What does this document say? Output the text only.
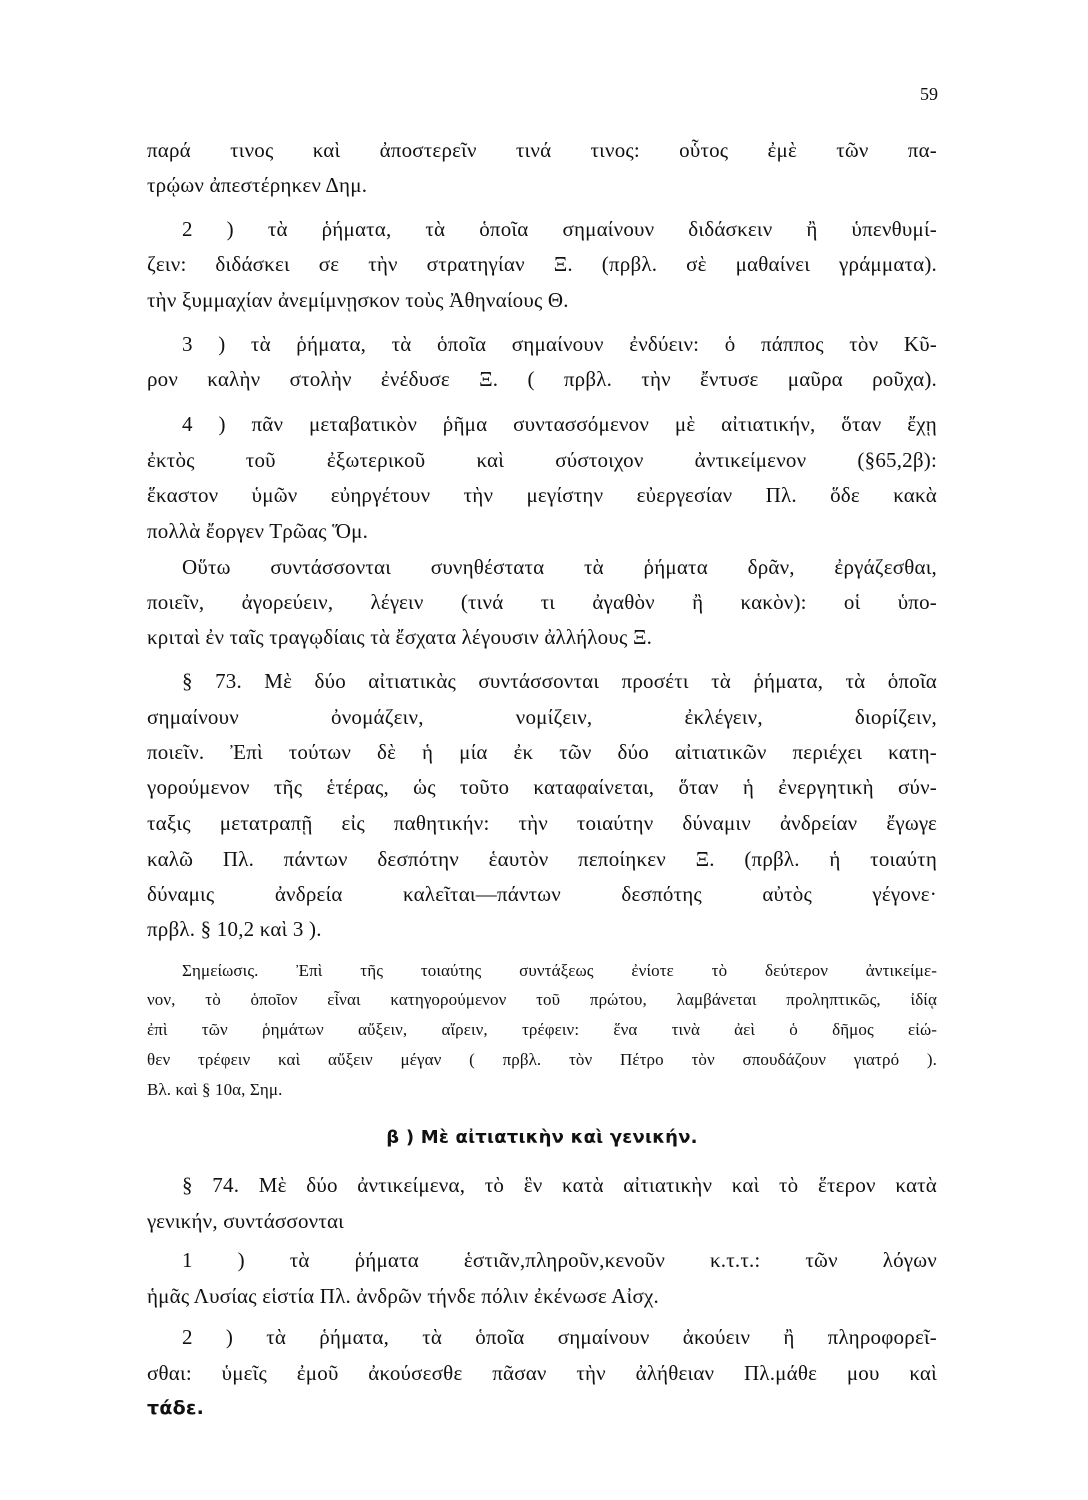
59
παρά τινος καὶ ἀποστερεῖν τινά τινος: οὗτος ἐμὲ τῶν πα-
τρῴων ἀπεστέρηκεν Δημ.
2 ) τὰ ῥήματα, τὰ ὁποῖα σημαίνουν διδάσκειν ἢ ὑπενθυμί-
ζειν: διδάσκει σε τὴν στρατηγίαν Ξ. (πρβλ. σὲ μαθαίνει γράμματα).
τὴν ξυμμαχίαν ἀνεμίμνῃσκον τοὺς Ἀθηναίους Θ.
3 ) τὰ ῥήματα, τὰ ὁποῖα σημαίνουν ἐνδύειν: ὁ πάππος τὸν Κῦ-
ρον καλὴν στολὴν ἐνέδυσε Ξ. ( πρβλ. τὴν ἔντυσε μαῦρα ροῦχα).
4 ) πᾶν μεταβατικὸν ῥῆμα συντασσόμενον μὲ αἰτιατικήν, ὅταν ἔχῃ
ἐκτὸς τοῦ ἐξωτερικοῦ καὶ σύστοιχον ἀντικείμενον (§65,2β):
ἕκαστον ὑμῶν εὐηργέτουν τὴν μεγίστην εὐεργεσίαν Πλ. ὅδε κακὰ
πολλὰ ἔοργεν Τρῶας Ὅμ.
Οὕτω συντάσσονται συνηθέστατα τὰ ῥήματα δρᾶν, ἐργάζεσθαι,
ποιεῖν, ἀγορεύειν, λέγειν (τινά τι ἀγαθὸν ἢ κακὸν): οἱ ὑπο-
κριταὶ ἐν ταῖς τραγῳδίαις τὰ ἔσχατα λέγουσιν ἀλλήλους Ξ.
§ 73. Μὲ δύο αἰτιατικὰς συντάσσονται προσέτι τὰ ῥήματα, τὰ ὁποῖα
σημαίνουν ὀνομάζειν, νομίζειν, ἐκλέγειν, διορίζειν,
ποιεῖν. Ἐπὶ τούτων δὲ ἡ μία ἐκ τῶν δύο αἰτιατικῶν περιέχει κατη-
γορούμενον τῆς ἑτέρας, ὡς τοῦτο καταφαίνεται, ὅταν ἡ ἐνεργητικὴ σύν-
ταξις μετατραπῇ εἰς παθητικήν: τὴν τοιαύτην δύναμιν ἀνδρείαν ἔγωγε
καλῶ Πλ. πάντων δεσπότην ἑαυτὸν πεποίηκεν Ξ. (πρβλ. ἡ τοιαύτη
δύναμις ἀνδρεία καλεῖται—πάντων δεσπότης αὐτὸς γέγονε·
πρβλ. § 10,2 καὶ 3 ).
Σημείωσις. Ἐπὶ τῆς τοιαύτης συντάξεως ἐνίοτε τὸ δεύτερον ἀντικείμε-
νον, τὸ ὁποῖον εἶναι κατηγορούμενον τοῦ πρώτου, λαμβάνεται προληπτικῶς, ἰδίᾳ
ἐπὶ τῶν ῥημάτων αὔξειν, αἴρειν, τρέφειν: ἕνα τινὰ ἀεὶ ὁ δῆμος εἰώ-
θεν τρέφειν καὶ αὔξειν μέγαν ( πρβλ. τὸν Πέτρο τὸν σπουδάζουν γιατρό ).
Βλ. καὶ § 10α, Σημ.
β ) Μὲ αἰτιατικὴν καὶ γενικήν.
§ 74. Μὲ δύο ἀντικείμενα, τὸ ἓν κατὰ αἰτιατικὴν καὶ τὸ ἕτερον κατὰ
γενικήν, συντάσσονται
1 ) τὰ ῥήματα ἑστιᾶν,πληροῦν,κενοῦν κ.τ.τ.: τῶν λόγων
ἡμᾶς Λυσίας εἱστία Πλ. ἀνδρῶν τήνδε πόλιν ἐκένωσε Αἰσχ.
2 ) τὰ ῥήματα, τὰ ὁποῖα σημαίνουν ἀκούειν ἢ πληροφορεῖ-
σθαι: ὑμεῖς ἐμοῦ ἀκούσεσθε πᾶσαν τὴν ἀλήθειαν Πλ.μάθε μου καὶ
τάδε.
